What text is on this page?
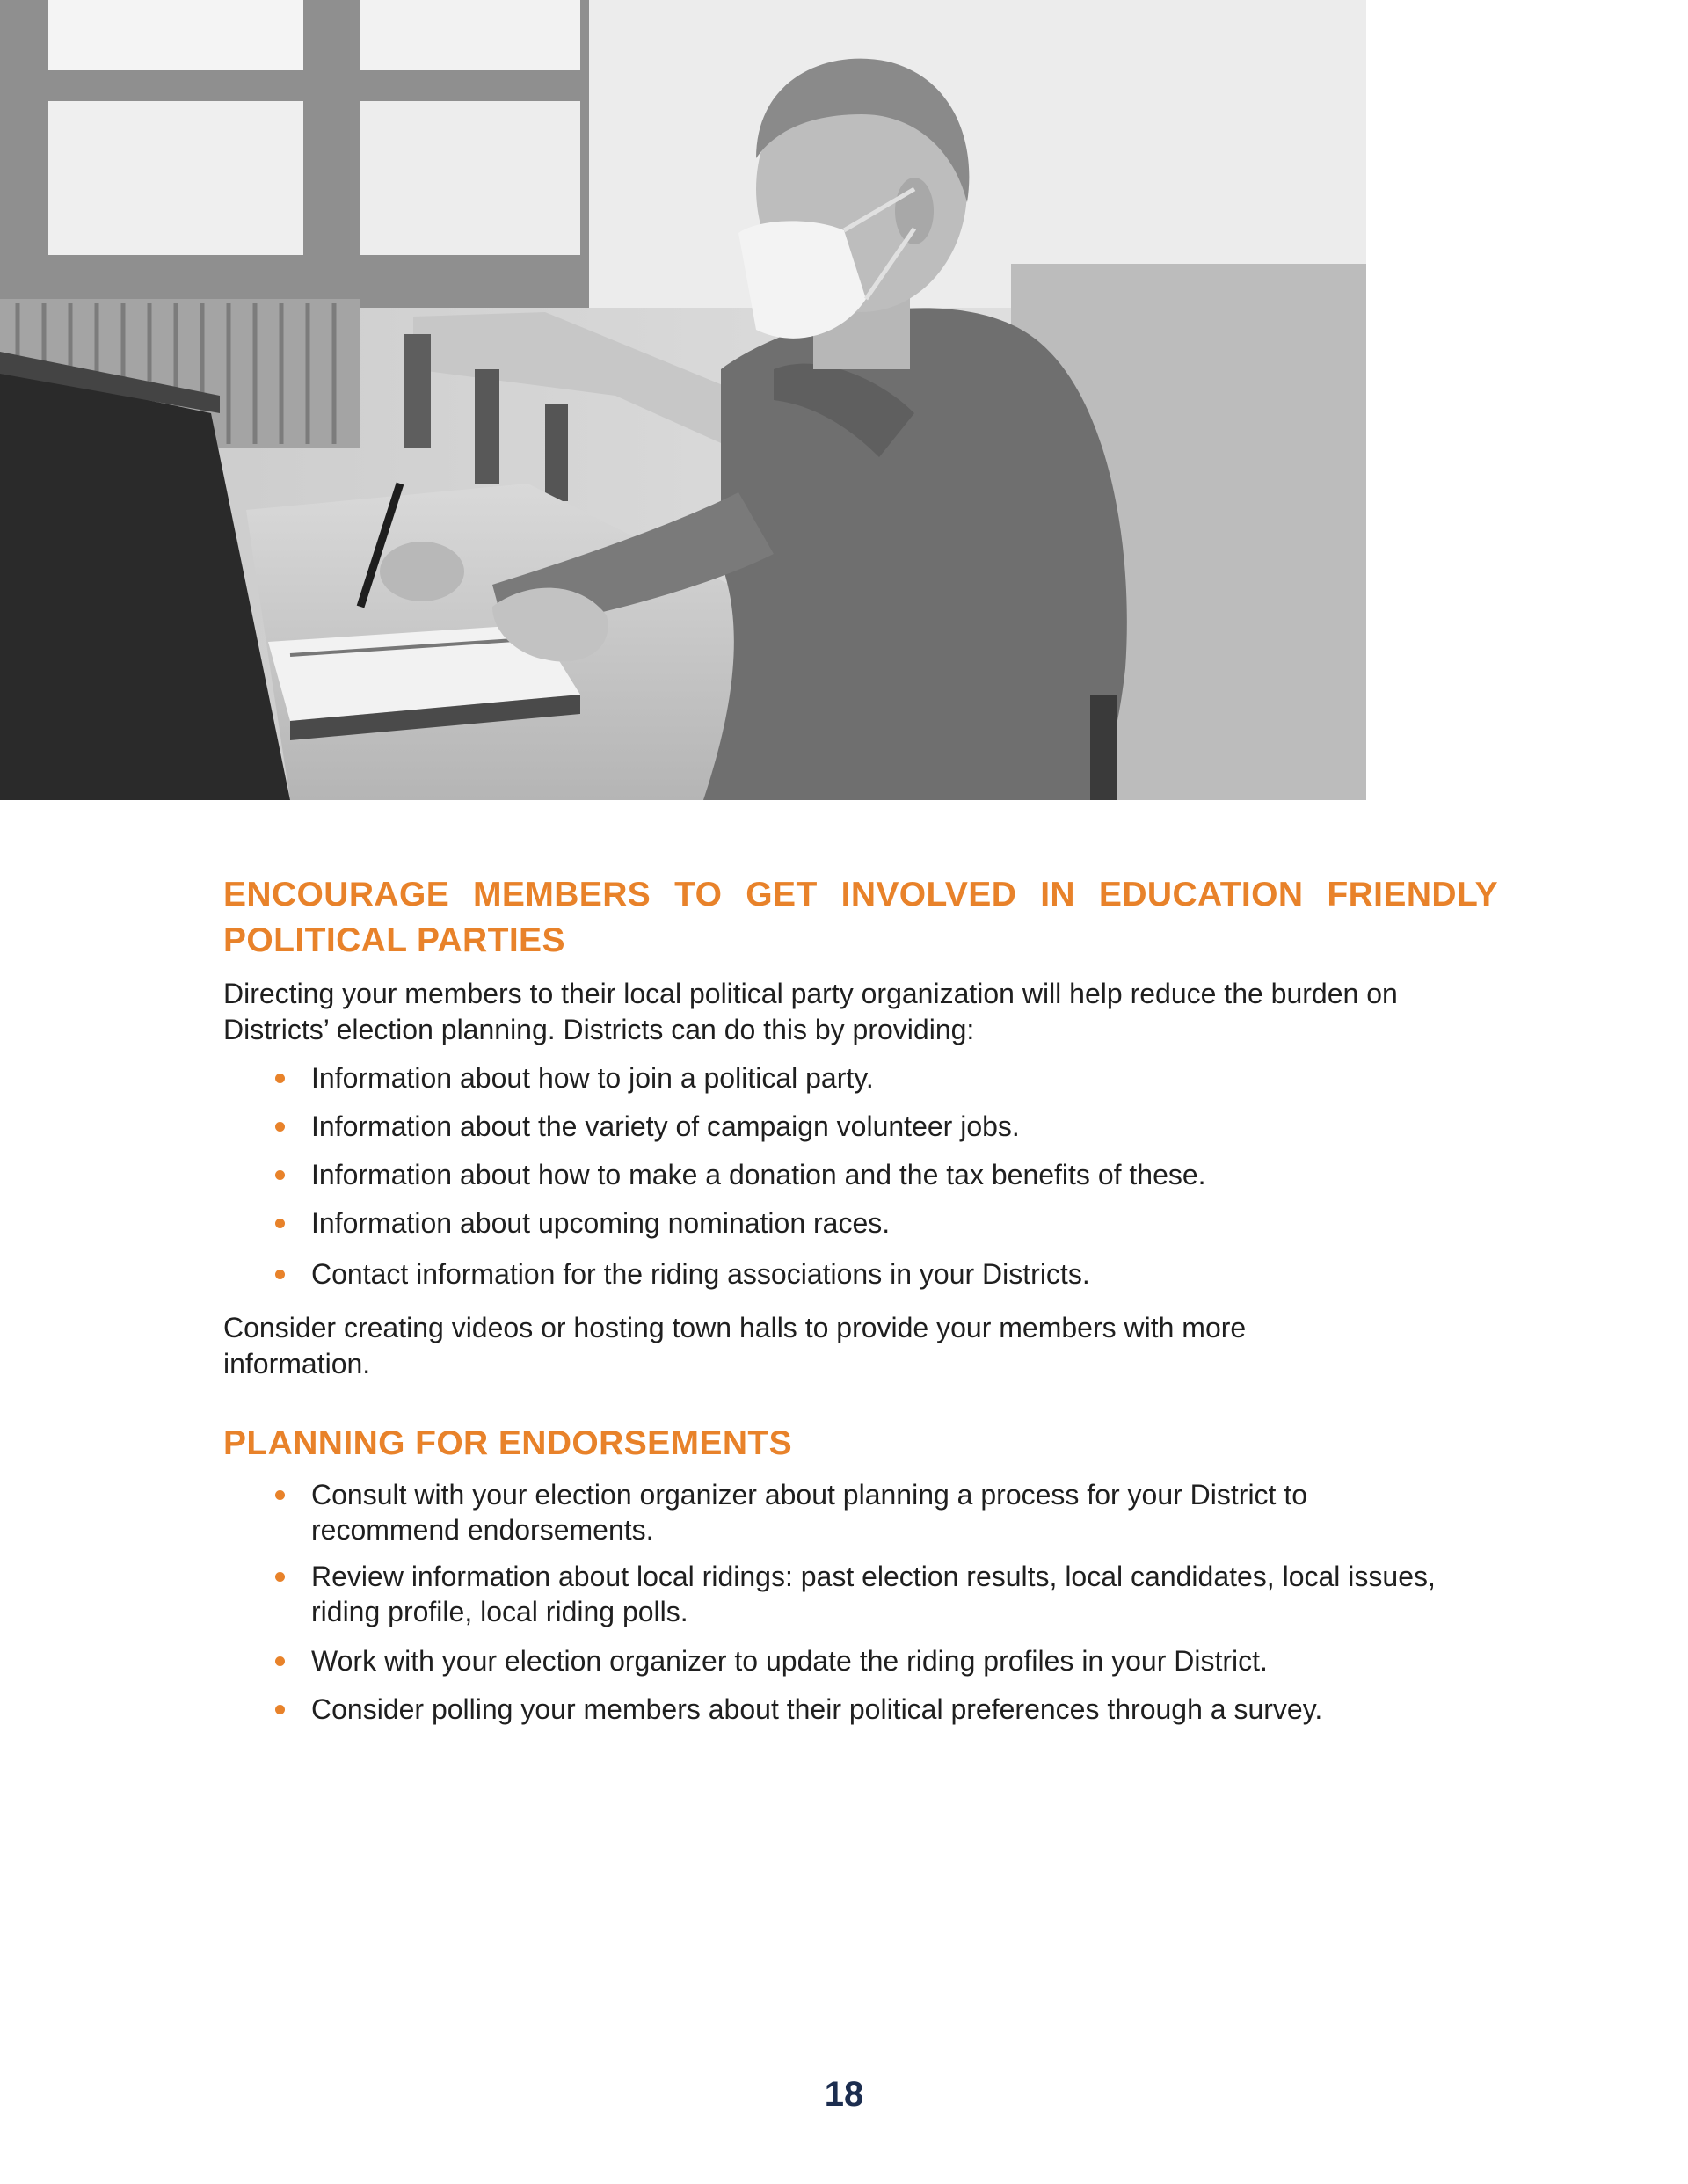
ENCOURAGE MEMBERS TO GET INVOLVED IN EDUCATION FRIENDLY POLITICAL PARTIES

Directing your members to their local political party organization will help reduce the burden on Districts’ election planning. Districts can do this by providing:

Information about how to join a political party.
Information about the variety of campaign volunteer jobs.
Information about how to make a donation and the tax benefits of these.
Information about upcoming nomination races.
Contact information for the riding associations in your Districts.

Consider creating videos or hosting town halls to provide your members with more information.

PLANNING FOR ENDORSEMENTS
Consult with your election organizer about planning a process for your District to recommend endorsements.
Review information about local ridings: past election results, local candidates, local issues, riding profile, local riding polls.
Work with your election organizer to update the riding profiles in your District.
Consider polling your members about their political preferences through a survey.
18
